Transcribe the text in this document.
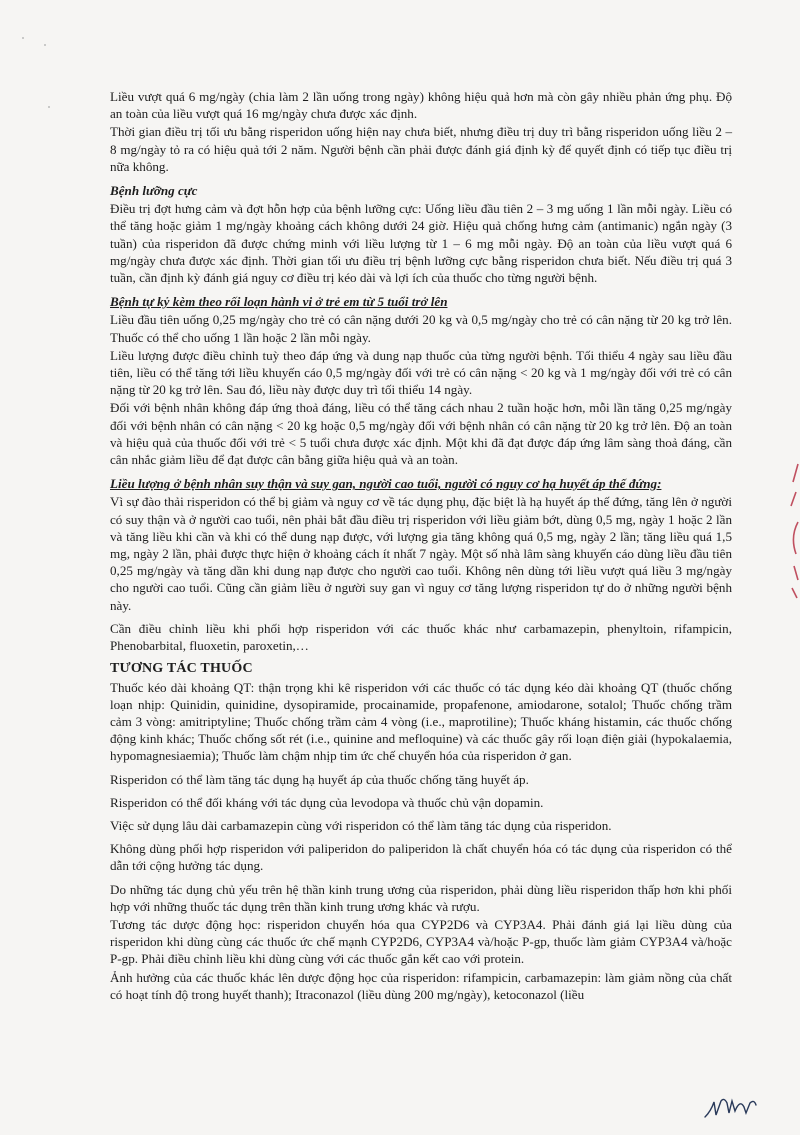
Liều vượt quá 6 mg/ngày (chia làm 2 lần uống trong ngày) không hiệu quả hơn mà còn gây nhiều phản ứng phụ. Độ an toàn của liều vượt quá 16 mg/ngày chưa được xác định.

Thời gian điều trị tối ưu bằng risperidon uống hiện nay chưa biết, nhưng điều trị duy trì bằng risperidon uống liều 2 – 8 mg/ngày tỏ ra có hiệu quả tới 2 năm. Người bệnh cần phải được đánh giá định kỳ để quyết định có tiếp tục điều trị nữa không.

Bệnh lưỡng cực

Điều trị đợt hưng cảm và đợt hỗn hợp của bệnh lưỡng cực: Uống liều đầu tiên 2 – 3 mg uống 1 lần mỗi ngày. Liều có thể tăng hoặc giảm 1 mg/ngày khoảng cách không dưới 24 giờ. Hiệu quả chống hưng cảm (antimanic) ngắn ngày (3 tuần) của risperidon đã được chứng minh với liều lượng từ 1 – 6 mg mỗi ngày. Độ an toàn của liều vượt quá 6 mg/ngày chưa được xác định. Thời gian tối ưu điều trị bệnh lưỡng cực bằng risperidon chưa biết. Nếu điều trị quá 3 tuần, cần định kỳ đánh giá nguy cơ điều trị kéo dài và lợi ích của thuốc cho từng người bệnh.

Bệnh tự kỷ kèm theo rối loạn hành vi ở trẻ em từ 5 tuổi trở lên

Liều đầu tiên uống 0,25 mg/ngày cho trẻ có cân nặng dưới 20 kg và 0,5 mg/ngày cho trẻ có cân nặng từ 20 kg trở lên. Thuốc có thể cho uống 1 lần hoặc 2 lần mỗi ngày.

Liều lượng được điều chỉnh tuỳ theo đáp ứng và dung nạp thuốc của từng người bệnh. Tối thiểu 4 ngày sau liều đầu tiên, liều có thể tăng tới liều khuyến cáo 0,5 mg/ngày đối với trẻ có cân nặng < 20 kg và 1 mg/ngày đối với trẻ có cân nặng từ 20 kg trở lên. Sau đó, liều này được duy trì tối thiểu 14 ngày.

Đối với bệnh nhân không đáp ứng thoả đáng, liều có thể tăng cách nhau 2 tuần hoặc hơn, mỗi lần tăng 0,25 mg/ngày đối với bệnh nhân có cân nặng < 20 kg hoặc 0,5 mg/ngày đối với bệnh nhân có cân nặng từ 20 kg trở lên. Độ an toàn và hiệu quả của thuốc đối với trẻ < 5 tuổi chưa được xác định. Một khi đã đạt được đáp ứng lâm sàng thoả đáng, cần cân nhắc giảm liều để đạt được cân bằng giữa hiệu quả và an toàn.

Liều lượng ở bệnh nhân suy thận và suy gan, người cao tuổi, người có nguy cơ hạ huyết áp thế đứng:

Vì sự đào thải risperidon có thể bị giảm và nguy cơ về tác dụng phụ, đặc biệt là hạ huyết áp thế đứng, tăng lên ở người có suy thận và ở người cao tuổi, nên phải bắt đầu điều trị risperidon với liều giảm bớt, dùng 0,5 mg, ngày 1 hoặc 2 lần và tăng liều khi cần và khi có thể dung nạp được, với lượng gia tăng không quá 0,5 mg, ngày 2 lần; tăng liều quá 1,5 mg, ngày 2 lần, phải được thực hiện ở khoảng cách ít nhất 7 ngày. Một số nhà lâm sàng khuyến cáo dùng liều đầu tiên 0,25 mg/ngày và tăng dần khi dung nạp được cho người cao tuổi. Không nên dùng tới liều vượt quá liều 3 mg/ngày cho người cao tuổi. Cũng cần giảm liều ở người suy gan vì nguy cơ tăng lượng risperidon tự do ở những người bệnh này.

Cần điều chỉnh liều khi phối hợp risperidon với các thuốc khác như carbamazepin, phenyltoin, rifampicin, Phenobarbital, fluoxetin, paroxetin,…

TƯƠNG TÁC THUỐC

Thuốc kéo dài khoảng QT: thận trọng khi kê risperidon với các thuốc có tác dụng kéo dài khoảng QT (thuốc chống loạn nhịp: Quinidin, quinidine, dysopiramide, procainamide, propafenone, amiodarone, sotalol; Thuốc chống trầm cảm 3 vòng: amitriptyline; Thuốc chống trầm cảm 4 vòng (i.e., maprotiline); Thuốc kháng histamin, các thuốc chống động kinh khác; Thuốc chống sốt rét (i.e., quinine and mefloquine) và các thuốc gây rối loạn điện giải (hypokalaemia, hypomagnesiaemia); Thuốc làm chậm nhịp tim ức chế chuyển hóa của risperidon ở gan.

Risperidon có thể làm tăng tác dụng hạ huyết áp của thuốc chống tăng huyết áp.

Risperidon có thể đối kháng với tác dụng của levodopa và thuốc chủ vận dopamin.

Việc sử dụng lâu dài carbamazepin cùng với risperidon có thể làm tăng tác dụng của risperidon.

Không dùng phối hợp risperidon với paliperidon do paliperidon là chất chuyển hóa có tác dụng của risperidon có thể dẫn tới cộng hưởng tác dụng.

Do những tác dụng chủ yếu trên hệ thần kinh trung ương của risperidon, phải dùng liều risperidon thấp hơn khi phối hợp với những thuốc tác dụng trên thần kinh trung ương khác và rượu.

Tương tác dược động học: risperidon chuyển hóa qua CYP2D6 và CYP3A4. Phải đánh giá lại liều dùng của risperidon khi dùng cùng các thuốc ức chế mạnh CYP2D6, CYP3A4 và/hoặc P-gp, thuốc làm giảm CYP3A4 và/hoặc P-gp. Phải điều chỉnh liều khi dùng cùng với các thuốc gắn kết cao với protein.

Ảnh hưởng của các thuốc khác lên dược động học của risperidon: rifampicin, carbamazepin: làm giảm nồng của chất có hoạt tính độ trong huyết thanh); Itraconazol (liều dùng 200 mg/ngày), ketoconazol (liều
